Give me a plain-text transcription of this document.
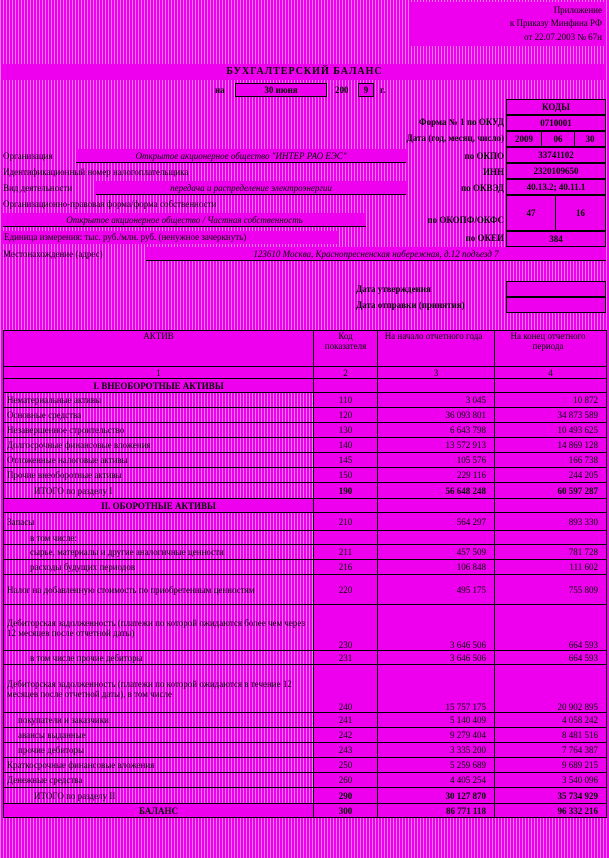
Приложение
к Приказу Минфина РФ
от 22.07.2003 № 67н
БУХГАЛТЕРСКИЙ БАЛАНС
на	30 июня	200	9	г.
КОДЫ
Форма № 1 по ОКУД	0710001
Дата (год, месяц, число)	2009	06	30
Организация	Открытое акционерное общество "ИНТЕР РАО ЕЭС"	по ОКПО	33741102
Идентификационный номер налогоплательщика	ИНН	2320109650
Вид деятельности	передача и распределение электроэнергии	по ОКВЭД	40.13.2; 40.11.1
Организационно-правовая форма/форма собственности
Открытое акционерное общество / Частная собственность	по ОКОПФ/ОКФС
47	16
Единица измерения: тыс. руб./млн. руб. (ненужное зачеркнуть)	по ОКЕИ	384
Местонахождение (адрес)	123610 Москва, Краснопресненская набережная, д.12 подъезд 7
Дата утверждения
Дата отправки (принятия)
АКТИВ	Код показателя	На начало отчетного года	На конец отчетного периода
1	2	3	4
I. ВНЕОБОРОТНЫЕ АКТИВЫ			
Нематериальные активы	110	3 045	10 872
Основные средства	120	36 093 801	34 873 589
Незавершенное строительство	130	6 643 798	10 493 625
Долгосрочные финансовые вложения	140	13 572 913	14 869 128
Отложенные налоговые активы	145	105 576	166 738
Прочие внеоборотные активы	150	229 116	244 205
ИТОГО по разделу I	190	56 648 248	60 597 287
II. ОБОРОТНЫЕ АКТИВЫ			
Запасы	210	564 297	893 330
в том числе:			
сырье, материалы и другие аналогичные ценности	211	457 509	781 728
расходы будущих периодов	216	106 848	111 602
Налог на добавленную стоимость по приобретенным ценностям	220	495 175	755 809
Дебиторская задолженность (платежи по которой ожидаются более чем через 12 месяцев после отчетной даты)	230	3 646 506	664 593
в том числе прочие дебиторы	231	3 646 506	664 593
Дебиторская задолженность (платежи по которой ожидаются в течение 12 месяцев после отчетной даты), в том числе	240	15 757 175	20 902 895
покупатели и заказчики	241	5 140 409	4 058 242
авансы выданные	242	9 279 404	8 481 516
прочие дебиторы	243	3 335 200	7 764 387
Краткосрочные финансовые вложения	250	5 259 689	9 689 215
Денежные средства	260	4 405 254	3 540 096
ИТОГО по разделу II	290	30 127 870	35 734 929
БАЛАНС	300	86 771 118	96 332 216
